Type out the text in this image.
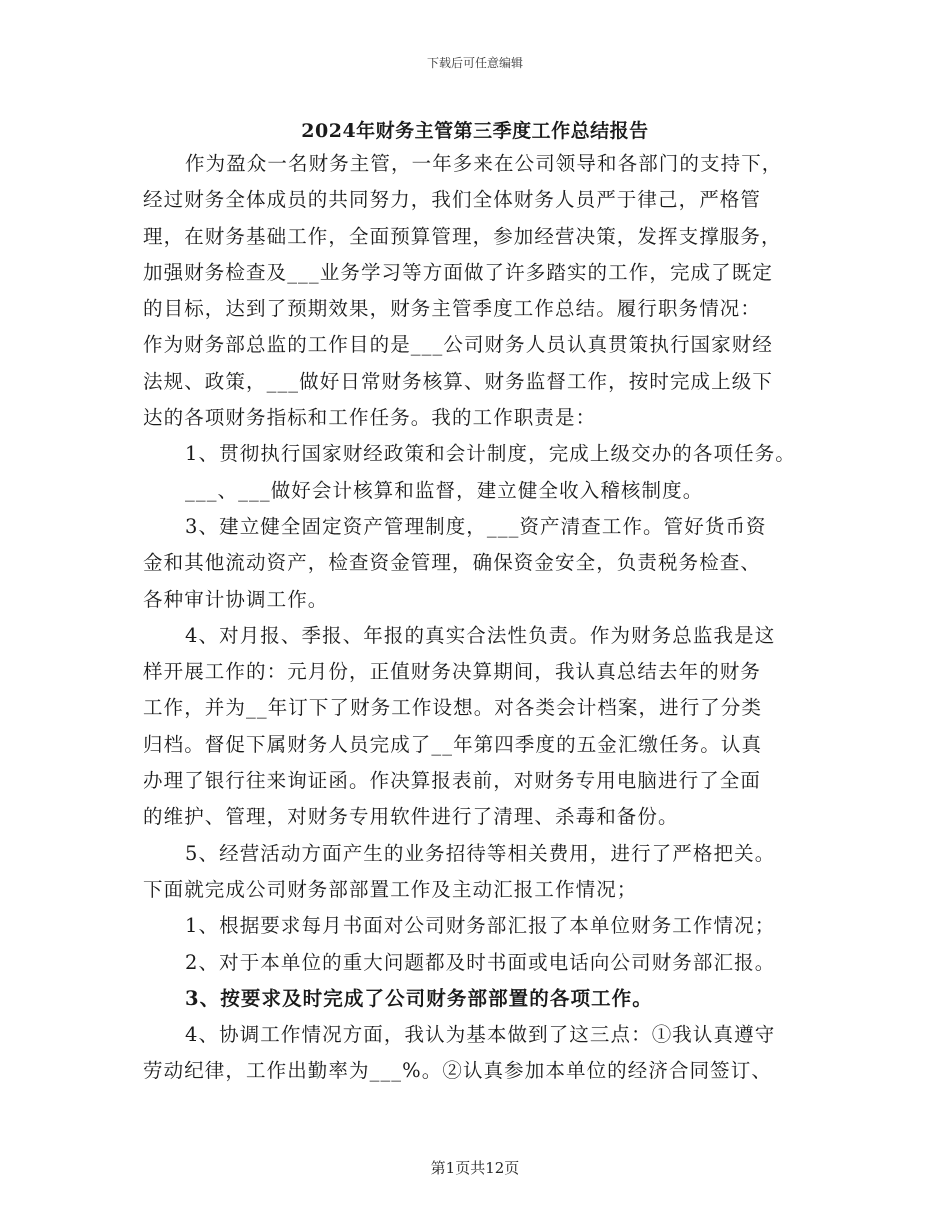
下载后可任意编辑
2024年财务主管第三季度工作总结报告
作为盈众一名财务主管，一年多来在公司领导和各部门的支持下，
经过财务全体成员的共同努力，我们全体财务人员严于律己，严格管
理，在财务基础工作，全面预算管理，参加经营决策，发挥支撑服务，
加强财务检查及___业务学习等方面做了许多踏实的工作，完成了既定
的目标，达到了预期效果，财务主管季度工作总结。履行职务情况：
作为财务部总监的工作目的是___公司财务人员认真贯策执行国家财经
法规、政策，___做好日常财务核算、财务监督工作，按时完成上级下
达的各项财务指标和工作任务。我的工作职责是：
1、贯彻执行国家财经政策和会计制度，完成上级交办的各项任务。
___、___做好会计核算和监督，建立健全收入稽核制度。
3、建立健全固定资产管理制度，___资产清查工作。管好货币资
金和其他流动资产，检查资金管理，确保资金安全，负责税务检查、
各种审计协调工作。
4、对月报、季报、年报的真实合法性负责。作为财务总监我是这
样开展工作的：元月份，正值财务决算期间，我认真总结去年的财务
工作，并为__年订下了财务工作设想。对各类会计档案，进行了分类
归档。督促下属财务人员完成了__年第四季度的五金汇缴任务。认真
办理了银行往来询证函。作决算报表前，对财务专用电脑进行了全面
的维护、管理，对财务专用软件进行了清理、杀毒和备份。
5、经营活动方面产生的业务招待等相关费用，进行了严格把关。
下面就完成公司财务部部置工作及主动汇报工作情况；
1、根据要求每月书面对公司财务部汇报了本单位财务工作情况；
2、对于本单位的重大问题都及时书面或电话向公司财务部汇报。
3、按要求及时完成了公司财务部部置的各项工作。
4、协调工作情况方面，我认为基本做到了这三点：①我认真遵守
劳动纪律，工作出勤率为___%。②认真参加本单位的经济合同签订、
第1页共12页
